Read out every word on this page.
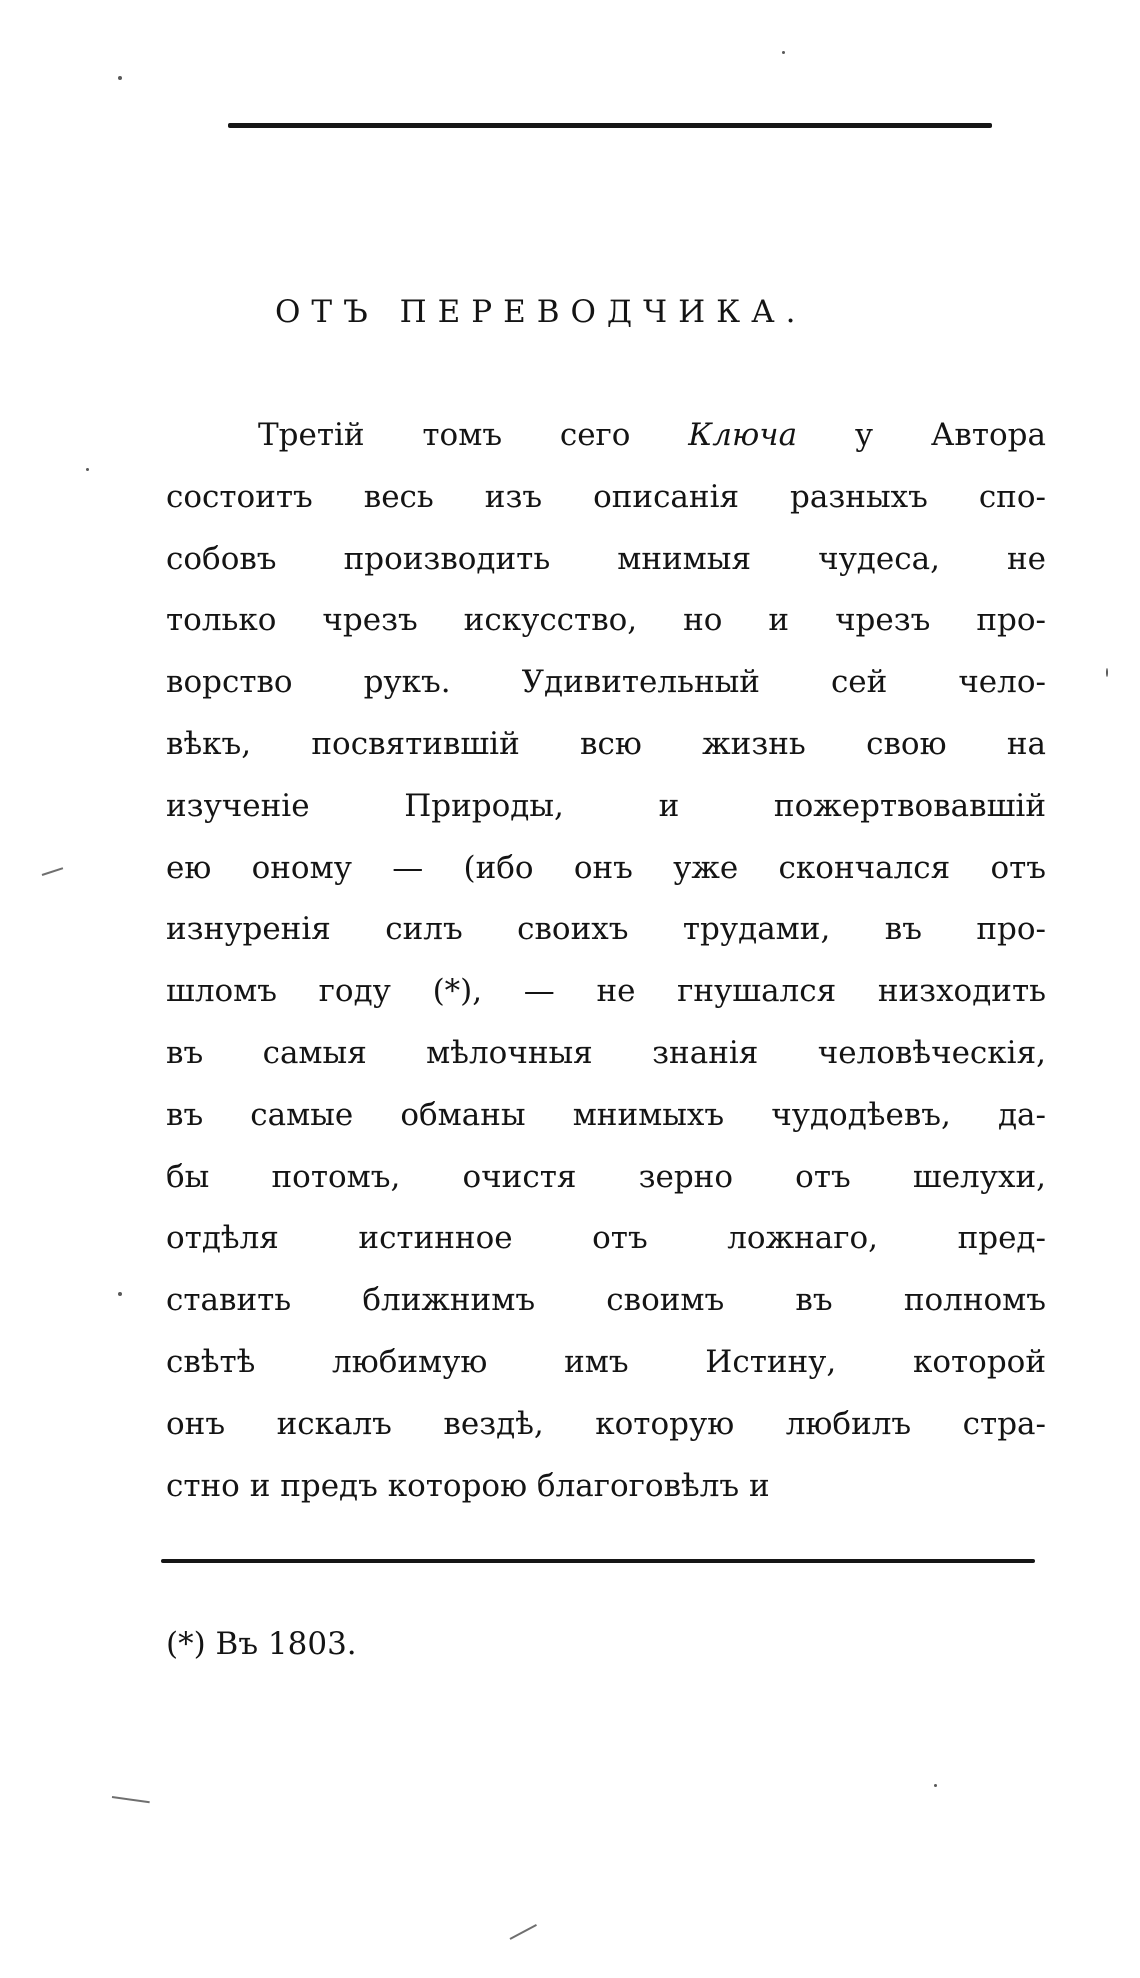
ОТЪ ПЕРЕВОДЧИКА.

Третій томъ сего Ключа у Автора
состоитъ весь изъ описанія разныхъ спо-
собовъ производить мнимыя чудеса, не
только чрезъ искусство, но и чрезъ про-
ворство рукъ. Удивительный сей чело-
вѣкъ, посвятившій всю жизнь свою на
изученіе Природы, и пожертвовавшій
ею оному — (ибо онъ уже скончался отъ
изнуренія силъ своихъ трудами, въ про-
шломъ году (*), — не гнушался низходить
въ самыя мѣлочныя знанія человѣческія,
въ самые обманы мнимыхъ чудодѣевъ, да-
бы потомъ, очистя зерно отъ шелухи,
отдѣля истинное отъ ложнаго, пред-
ставить ближнимъ своимъ въ полномъ
свѣтѣ любимую имъ Истину, которой
онъ искалъ вездѣ, которую любилъ стра-
стно и предъ которою благоговѣлъ и

(*) Въ 1803.
